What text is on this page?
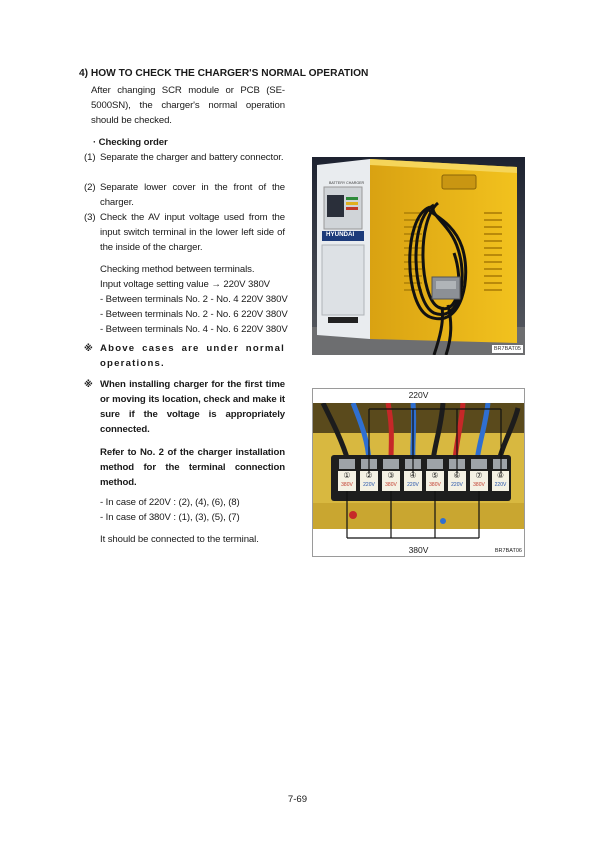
4) HOW TO CHECK THE CHARGER'S NORMAL OPERATION
After changing SCR module or PCB (SE-5000SN), the charger's normal operation should be checked.
· Checking order
(1) Separate the charger and battery connector.
(2) Separate lower cover in the front of the charger.
(3) Check the AV input voltage used from the input switch terminal in the lower left side of the inside of the charger.
Checking method between terminals.
Input voltage setting value → 220V 380V
- Between terminals No. 2 - No. 4 220V 380V
- Between terminals No. 2 - No. 6 220V 380V
- Between terminals No. 4 - No. 6 220V 380V
※ Above cases are under normal operations.
※ When installing charger for the first time or moving its location, check and make it sure if the voltage is appropriately connected.
Refer to No. 2 of the charger installation method for the terminal connection method.
- In case of 220V : (2), (4), (6), (8)
- In case of 380V : (1), (3), (5), (7)
It should be connected to the terminal.
BR7BAT05
BATTERY CHARGER
HYUNDAI
220V
①
380V
②
220V
③
380V
④
220V
⑤
380V
⑥
220V
⑦
380V
⑧
220V
380V	BR7BAT06
7-69
